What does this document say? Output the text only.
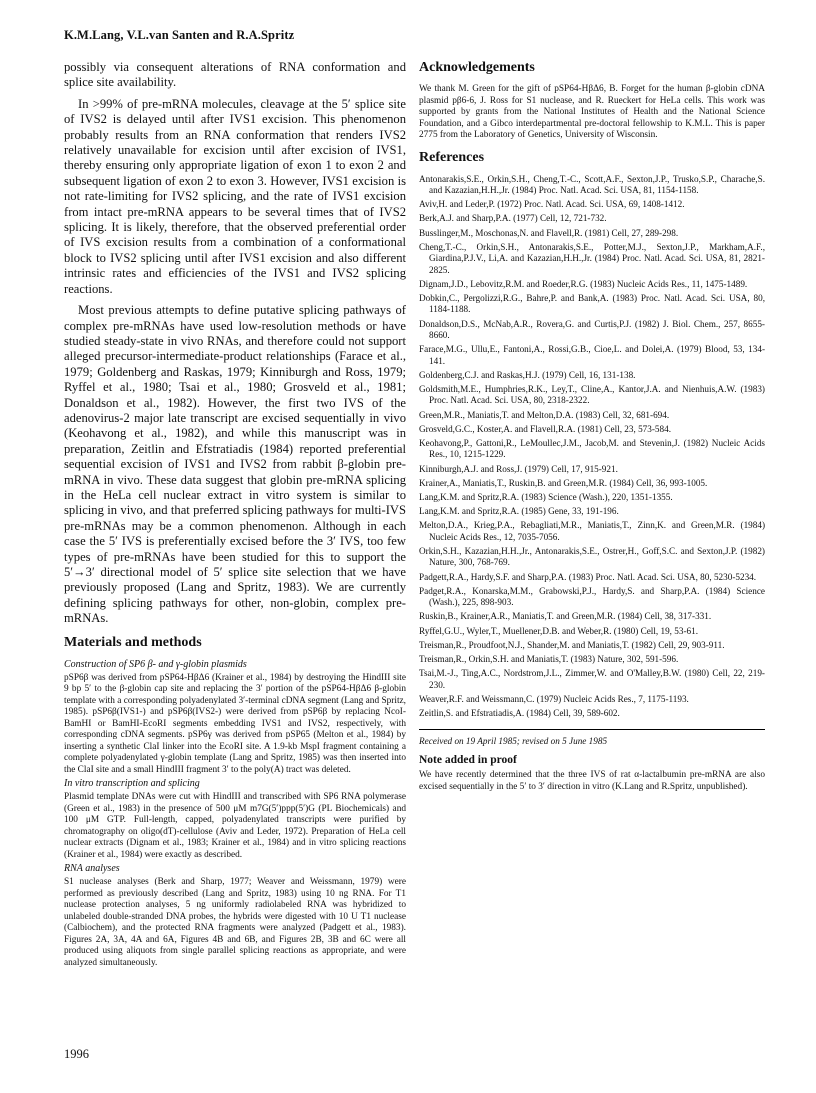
K.M.Lang, V.L.van Santen and R.A.Spritz

possibly via consequent alterations of RNA conformation and splice site availability.

In >99% of pre-mRNA molecules, cleavage at the 5′ splice site of IVS2 is delayed until after IVS1 excision. This phenomenon probably results from an RNA conformation that renders IVS2 relatively unavailable for excision until after excision of IVS1, thereby ensuring only appropriate ligation of exon 1 to exon 2 and subsequent ligation of exon 2 to exon 3. However, IVS1 excision is not rate-limiting for IVS2 splicing, and the rate of IVS1 excision from intact pre-mRNA appears to be several times that of IVS2 splicing. It is likely, therefore, that the observed preferential order of IVS excision results from a combination of a conformational block to IVS2 splicing until after IVS1 excision and also different intrinsic rates and efficiencies of the IVS1 and IVS2 splicing reactions.

Most previous attempts to define putative splicing pathways of complex pre-mRNAs have used low-resolution methods or have studied steady-state in vivo RNAs, and therefore could not support alleged precursor-intermediate-product relationships (Farace et al., 1979; Goldenberg and Raskas, 1979; Kinniburgh and Ross, 1979; Ryffel et al., 1980; Tsai et al., 1980; Grosveld et al., 1981; Donaldson et al., 1982). However, the first two IVS of the adenovirus-2 major late transcript are excised sequentially in vivo (Keohavong et al., 1982), and while this manuscript was in preparation, Zeitlin and Efstratiadis (1984) reported preferential sequential excision of IVS1 and IVS2 from rabbit β-globin pre-mRNA in vivo. These data suggest that globin pre-mRNA splicing in the HeLa cell nuclear extract in vitro system is similar to splicing in vivo, and that preferred splicing pathways for multi-IVS pre-mRNAs may be a common phenomenon. Although in each case the 5′ IVS is preferentially excised before the 3′ IVS, too few types of pre-mRNAs have been studied for this to support the 5′→3′ directional model of 5′ splice site selection that we have previously proposed (Lang and Spritz, 1983). We are currently defining splicing pathways for other, non-globin, complex pre-mRNAs.

Materials and methods
Construction of SP6 β- and γ-globin plasmids

pSP6β was derived from pSP64-HβΔ6 (Krainer et al., 1984) by destroying the HindIII site 9 bp 5′ to the β-globin cap site and replacing the 3′ portion of the pSP64-HβΔ6 β-globin template with a corresponding polyadenylated 3′-terminal cDNA segment (Lang and Spritz, 1985). pSP6β(IVS1-) and pSP6β(IVS2-) were derived from pSP6β by replacing NcoI-BamHI or BamHI-EcoRI segments embedding IVS1 and IVS2, respectively, with corresponding cDNA segments. pSP6γ was derived from pSP65 (Melton et al., 1984) by inserting a synthetic ClaI linker into the EcoRI site. A 1.9-kb MspI fragment containing a complete polyadenylated γ-globin template (Lang and Spritz, 1985) was then inserted into the ClaI site and a small HindIII fragment 3′ to the poly(A) tract was deleted.

In vitro transcription and splicing

Plasmid template DNAs were cut with HindIII and transcribed with SP6 RNA polymerase (Green et al., 1983) in the presence of 500 μM m7G(5′)ppp(5′)G (PL Biochemicals) and 100 μM GTP. Full-length, capped, polyadenylated transcripts were purified by chromatography on oligo(dT)-cellulose (Aviv and Leder, 1972). Preparation of HeLa cell nuclear extracts (Dignam et al., 1983; Krainer et al., 1984) and in vitro splicing reactions (Krainer et al., 1984) were exactly as described.

RNA analyses

S1 nuclease analyses (Berk and Sharp, 1977; Weaver and Weissmann, 1979) were performed as previously described (Lang and Spritz, 1983) using 10 ng RNA. For T1 nuclease protection analyses, 5 ng uniformly radiolabeled RNA was hybridized to unlabeled double-stranded DNA probes, the hybrids were digested with 10 U T1 nuclease (Calbiochem), and the protected RNA fragments were analyzed (Padgett et al., 1983). Figures 2A, 3A, 4A and 6A, Figures 4B and 6B, and Figures 2B, 3B and 6C were all produced using aliquots from single parallel splicing reactions as appropriate, and were analyzed simultaneously.

Acknowledgements

We thank M. Green for the gift of pSP64-HβΔ6, B. Forget for the human β-globin cDNA plasmid pβ6-6, J. Ross for S1 nuclease, and R. Rueckert for HeLa cells. This work was supported by grants from the National Institutes of Health and the National Science Foundation, and a Gibco interdepartmental pre-doctoral fellowship to K.M.L. This is paper 2775 from the Laboratory of Genetics, University of Wisconsin.

References
Antonarakis,S.E., Orkin,S.H., Cheng,T.-C., Scott,A.F., Sexton,J.P., Trusko,S.P., Charache,S. and Kazazian,H.H.,Jr. (1984) Proc. Natl. Acad. Sci. USA, 81, 1154-1158.
Aviv,H. and Leder,P. (1972) Proc. Natl. Acad. Sci. USA, 69, 1408-1412.
Berk,A.J. and Sharp,P.A. (1977) Cell, 12, 721-732.
Busslinger,M., Moschonas,N. and Flavell,R. (1981) Cell, 27, 289-298.
Cheng,T.-C., Orkin,S.H., Antonarakis,S.E., Potter,M.J., Sexton,J.P., Markham,A.F., Giardina,P.J.V., Li,A. and Kazazian,H.H.,Jr. (1984) Proc. Natl. Acad. Sci. USA, 81, 2821-2825.
Dignam,J.D., Lebovitz,R.M. and Roeder,R.G. (1983) Nucleic Acids Res., 11, 1475-1489.
Dobkin,C., Pergolizzi,R.G., Bahre,P. and Bank,A. (1983) Proc. Natl. Acad. Sci. USA, 80, 1184-1188.
Donaldson,D.S., McNab,A.R., Rovera,G. and Curtis,P.J. (1982) J. Biol. Chem., 257, 8655-8660.
Farace,M.G., Ullu,E., Fantoni,A., Rossi,G.B., Cioe,L. and Dolei,A. (1979) Blood, 53, 134-141.
Goldenberg,C.J. and Raskas,H.J. (1979) Cell, 16, 131-138.
Goldsmith,M.E., Humphries,R.K., Ley,T., Cline,A., Kantor,J.A. and Nienhuis,A.W. (1983) Proc. Natl. Acad. Sci. USA, 80, 2318-2322.
Green,M.R., Maniatis,T. and Melton,D.A. (1983) Cell, 32, 681-694.
Grosveld,G.C., Koster,A. and Flavell,R.A. (1981) Cell, 23, 573-584.
Keohavong,P., Gattoni,R., LeMoullec,J.M., Jacob,M. and Stevenin,J. (1982) Nucleic Acids Res., 10, 1215-1229.
Kinniburgh,A.J. and Ross,J. (1979) Cell, 17, 915-921.
Krainer,A., Maniatis,T., Ruskin,B. and Green,M.R. (1984) Cell, 36, 993-1005.
Lang,K.M. and Spritz,R.A. (1983) Science (Wash.), 220, 1351-1355.
Lang,K.M. and Spritz,R.A. (1985) Gene, 33, 191-196.
Melton,D.A., Krieg,P.A., Rebagliati,M.R., Maniatis,T., Zinn,K. and Green,M.R. (1984) Nucleic Acids Res., 12, 7035-7056.
Orkin,S.H., Kazazian,H.H.,Jr., Antonarakis,S.E., Ostrer,H., Goff,S.C. and Sexton,J.P. (1982) Nature, 300, 768-769.
Padgett,R.A., Hardy,S.F. and Sharp,P.A. (1983) Proc. Natl. Acad. Sci. USA, 80, 5230-5234.
Padget,R.A., Konarska,M.M., Grabowski,P.J., Hardy,S. and Sharp,P.A. (1984) Science (Wash.), 225, 898-903.
Ruskin,B., Krainer,A.R., Maniatis,T. and Green,M.R. (1984) Cell, 38, 317-331.
Ryffel,G.U., Wyler,T., Muellener,D.B. and Weber,R. (1980) Cell, 19, 53-61.
Treisman,R., Proudfoot,N.J., Shander,M. and Maniatis,T. (1982) Cell, 29, 903-911.
Treisman,R., Orkin,S.H. and Maniatis,T. (1983) Nature, 302, 591-596.
Tsai,M.-J., Ting,A.C., Nordstrom,J.L., Zimmer,W. and O'Malley,B.W. (1980) Cell, 22, 219-230.
Weaver,R.F. and Weissmann,C. (1979) Nucleic Acids Res., 7, 1175-1193.
Zeitlin,S. and Efstratiadis,A. (1984) Cell, 39, 589-602.
Received on 19 April 1985; revised on 5 June 1985
Note added in proof

We have recently determined that the three IVS of rat α-lactalbumin pre-mRNA are also excised sequentially in the 5′ to 3′ direction in vitro (K.Lang and R.Spritz, unpublished).

1996
